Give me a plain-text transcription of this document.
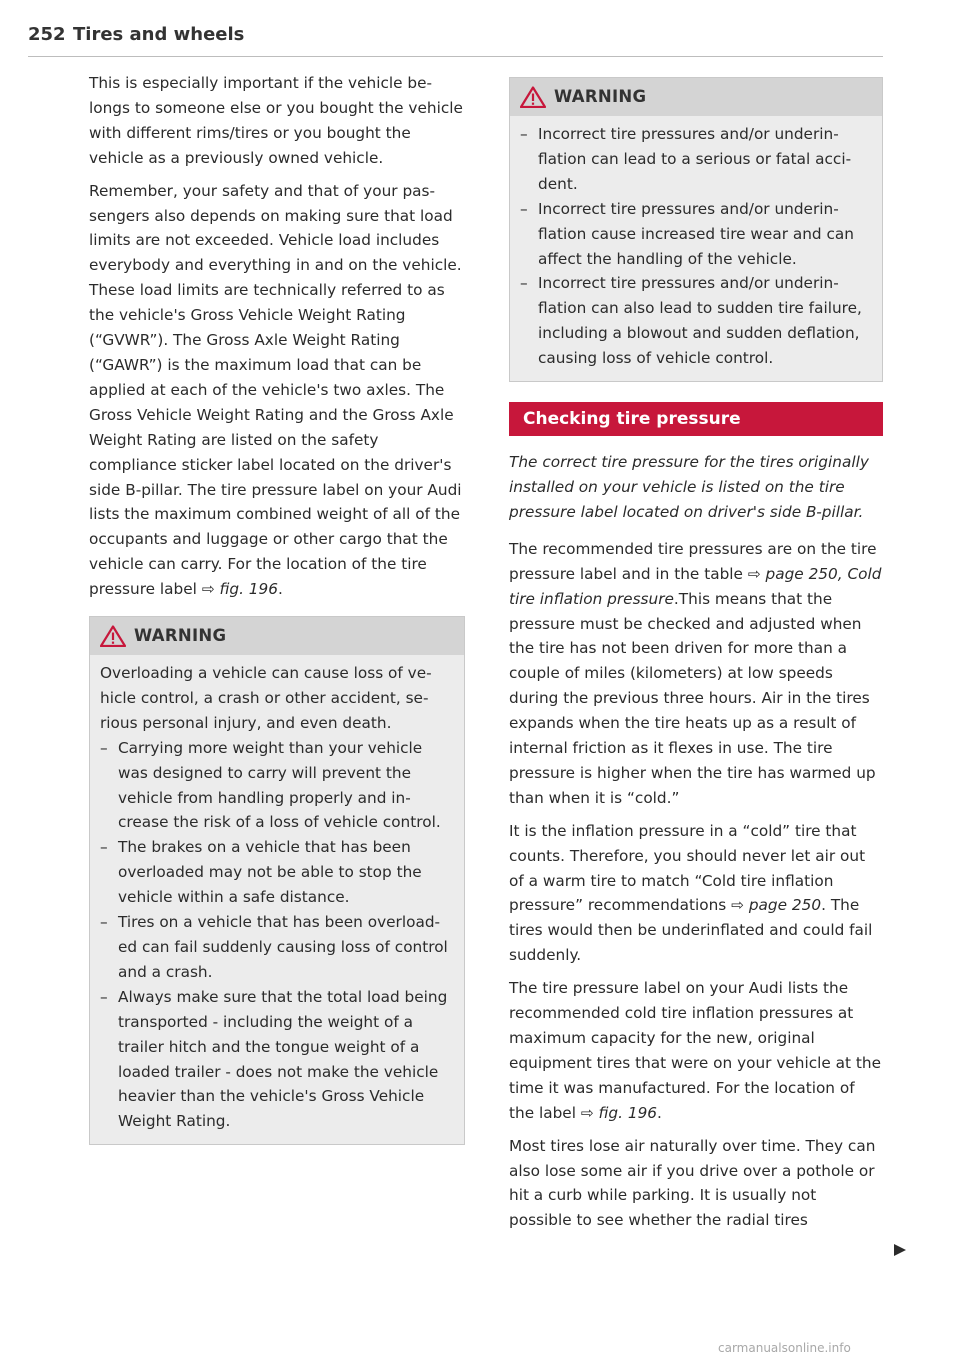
252 Tires and wheels

This is especially important if the vehicle belongs to someone else or you bought the vehicle with different rims/tires or you bought the vehicle as a previously owned vehicle.

Remember, your safety and that of your passengers also depends on making sure that load limits are not exceeded. Vehicle load includes everybody and everything in and on the vehicle. These load limits are technically referred to as the vehicle's Gross Vehicle Weight Rating (“GVWR”). The Gross Axle Weight Rating (“GAWR”) is the maximum load that can be applied at each of the vehicle's two axles. The Gross Vehicle Weight Rating and the Gross Axle Weight Rating are listed on the safety compliance sticker label located on the driver's side B-pillar. The tire pressure label on your Audi lists the maximum combined weight of all of the occupants and luggage or other cargo that the vehicle can carry. For the location of the tire pressure label ⇨ fig. 196.

WARNING

Overloading a vehicle can cause loss of vehicle control, a crash or other accident, serious personal injury, and even death.

– Carrying more weight than your vehicle was designed to carry will prevent the vehicle from handling properly and increase the risk of a loss of vehicle control.
– The brakes on a vehicle that has been overloaded may not be able to stop the vehicle within a safe distance.
– Tires on a vehicle that has been overloaded can fail suddenly causing loss of control and a crash.
– Always make sure that the total load being transported - including the weight of a trailer hitch and the tongue weight of a loaded trailer - does not make the vehicle heavier than the vehicle's Gross Vehicle Weight Rating.
WARNING
– Incorrect tire pressures and/or underinflation can lead to a serious or fatal accident.
– Incorrect tire pressures and/or underinflation cause increased tire wear and can affect the handling of the vehicle.
– Incorrect tire pressures and/or underinflation can also lead to sudden tire failure, including a blowout and sudden deflation, causing loss of vehicle control.
Checking tire pressure

The correct tire pressure for the tires originally installed on your vehicle is listed on the tire pressure label located on driver's side B-pillar.

The recommended tire pressures are on the tire pressure label and in the table ⇨ page 250, Cold tire inflation pressure.This means that the pressure must be checked and adjusted when the tire has not been driven for more than a couple of miles (kilometers) at low speeds during the previous three hours. Air in the tires expands when the tire heats up as a result of internal friction as it flexes in use. The tire pressure is higher when the tire has warmed up than when it is “cold.”

It is the inflation pressure in a “cold” tire that counts. Therefore, you should never let air out of a warm tire to match “Cold tire inflation pressure” recommendations ⇨ page 250. The tires would then be underinflated and could fail suddenly.

The tire pressure label on your Audi lists the recommended cold tire inflation pressures at maximum capacity for the new, original equipment tires that were on your vehicle at the time it was manufactured. For the location of the label ⇨ fig. 196.

Most tires lose air naturally over time. They can also lose some air if you drive over a pothole or hit a curb while parking. It is usually not possible to see whether the radial tires

carmanualsonline.info
